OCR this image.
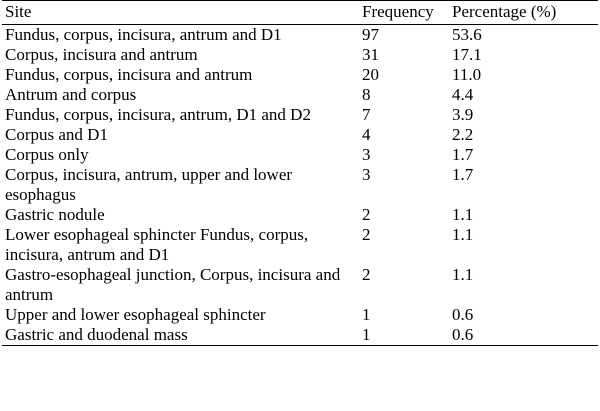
Site	Frequency	Percentage (%)
Fundus, corpus, incisura, antrum and D1	97	53.6
Corpus, incisura and antrum	31	17.1
Fundus, corpus, incisura and antrum	20	11.0
Antrum and corpus	8	4.4
Fundus, corpus, incisura, antrum, D1 and D2	7	3.9
Corpus and D1	4	2.2
Corpus only	3	1.7
Corpus, incisura, antrum, upper and lower esophagus	3	1.7
Gastric nodule	2	1.1
Lower esophageal sphincter Fundus, corpus, incisura, antrum and D1	2	1.1
Gastro-esophageal junction, Corpus, incisura and antrum	2	1.1
Upper and lower esophageal sphincter	1	0.6
Gastric and duodenal mass	1	0.6
